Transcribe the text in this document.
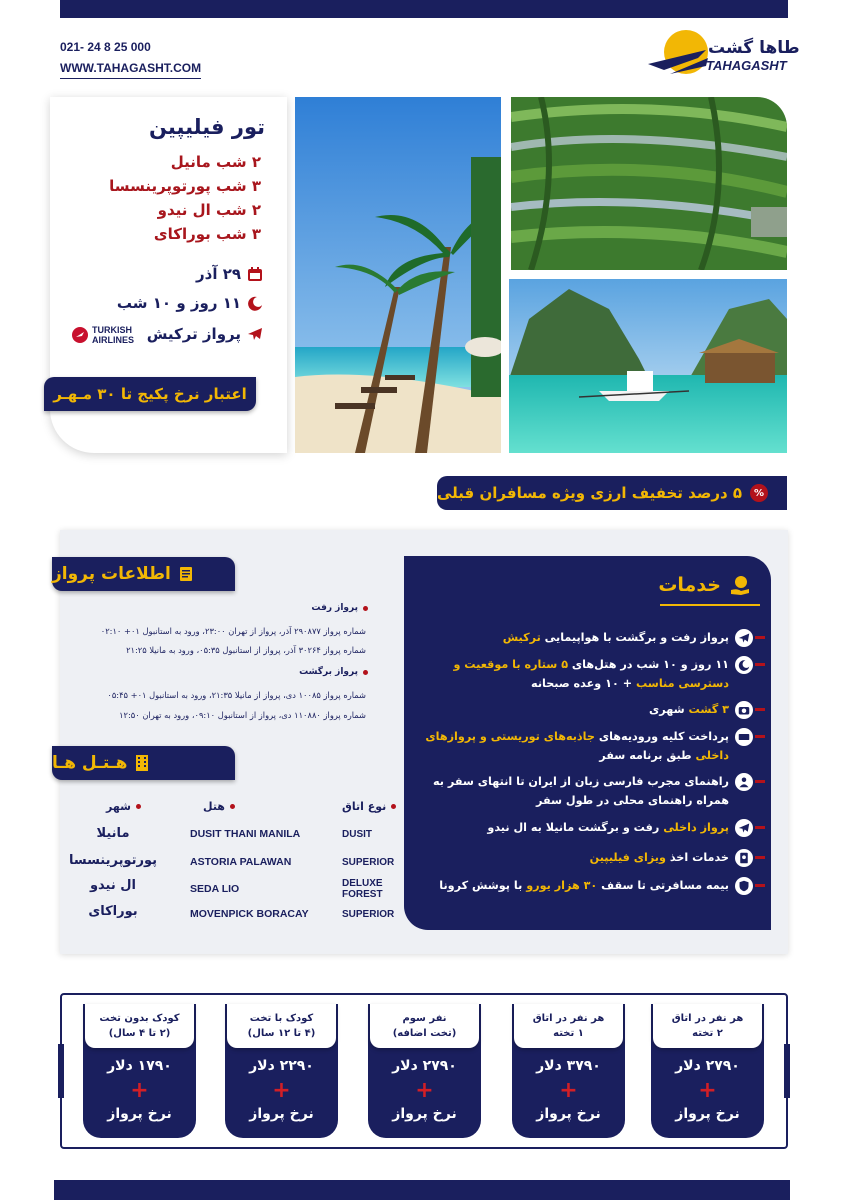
021- 24 8 25 000
WWW.TAHAGASHT.COM
طاها گشت
TAHAGASHT
تور فیلیپین
۲ شب مانیل
۳ شب پورتوپرینسسا
۲ شب ال نیدو
۳ شب بوراکای
۲۹ آذر
۱۱ روز و ۱۰ شب
پرواز ترکیش
TURKISH
AIRLINES
اعتبار نرخ پکیج تا ۳۰ مـهـر
%
۵ درصد تخفیف ارزی ویژه مسافران قبلی
اطلاعات پرواز
پرواز رفت
شماره پرواز ۲۹۰۸۷۷ آذر، پرواز از تهران ۲۳:۰۰، ورود به استانبول ۰۱+ ۰۲:۱۰
شماره پرواز ۳۰۲۶۴ آذر، پرواز از استانبول ۰۵:۳۵، ورود به مانیلا ۲۱:۲۵
پرواز برگشت
شماره پرواز ۱۰۰۸۵ دی، پرواز از مانیلا ۲۱:۳۵، ورود به استانبول ۰۱+ ۰۵:۴۵
شماره پرواز ۱۱۰۸۸۰ دی، پرواز از استانبول ۰۹:۱۰، ورود به تهران ۱۲:۵۰
هـتـل هـا
شهر	هتل	نوع اتاق
مانیلا	DUSIT THANI MANILA	DUSIT
پورتوپرینسسا	ASTORIA PALAWAN	SUPERIOR
ال نیدو	SEDA LIO	DELUXE FOREST
بوراکای	MOVENPICK BORACAY	SUPERIOR
خدمات
پرواز رفت و برگشت با هواپیمایی ترکیش
۱۱ روز و ۱۰ شب در هتل‌های ۵ ستاره با موقعیت و دسترسی مناسب + ۱۰ وعده صبحانه
۳ گشت شهری
پرداخت کلیه ورودیه‌های جاذبه‌های توریستی و پروازهای داخلی طبق برنامه سفر
راهنمای مجرب فارسی زبان از ایران تا انتهای سفر به همراه راهنمای محلی در طول سفر
پرواز داخلی رفت و برگشت مانیلا به ال نیدو
خدمات اخذ ویزای فیلیپین
بیمه مسافرتی تا سقف ۳۰ هزار یورو با پوشش کرونا
هر نفر در اتاق
۲ تخته
۲۷۹۰ دلار
+
نرخ پرواز
هر نفر در اتاق
۱ تخته
۳۷۹۰ دلار
+
نرخ پرواز
نفر سوم
(تخت اضافه)
۲۷۹۰ دلار
+
نرخ پرواز
کودک با تخت
(۴ تا ۱۲ سال)
۲۲۹۰ دلار
+
نرخ پرواز
کودک بدون تخت
(۲ تا ۴ سال)
۱۷۹۰ دلار
+
نرخ پرواز
